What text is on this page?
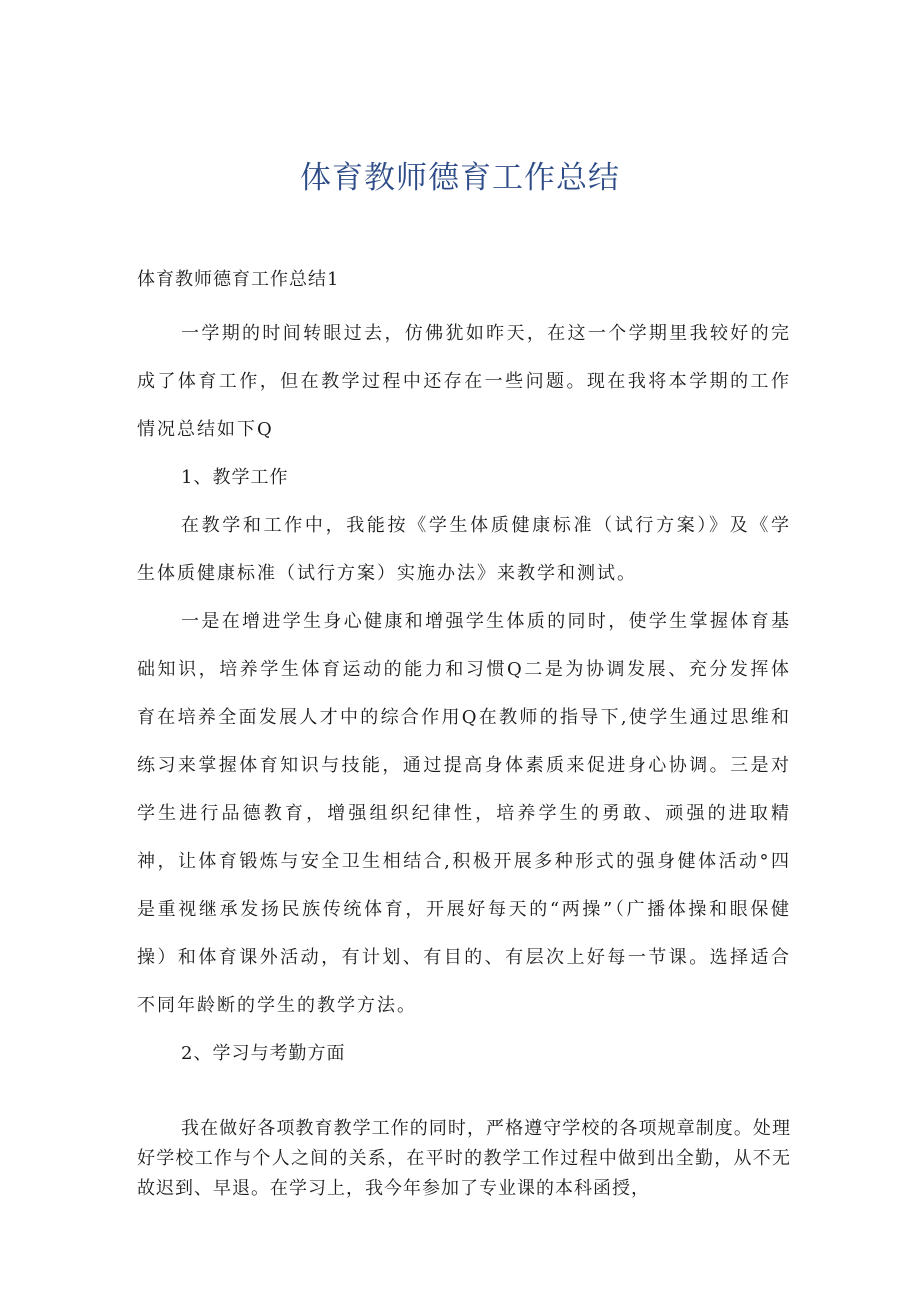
体育教师德育工作总结

体育教师德育工作总结1

一学期的时间转眼过去，仿佛犹如昨天，在这一个学期里我较好的完成了体育工作，但在教学过程中还存在一些问题。现在我将本学期的工作情况总结如下Q

1、教学工作

在教学和工作中，我能按《学生体质健康标准（试行方案）》及《学生体质健康标准（试行方案）实施办法》来教学和测试。

一是在增进学生身心健康和增强学生体质的同时，使学生掌握体育基础知识，培养学生体育运动的能力和习惯Q二是为协调发展、充分发挥体育在培养全面发展人才中的综合作用Q在教师的指导下,使学生通过思维和练习来掌握体育知识与技能，通过提高身体素质来促进身心协调。三是对学生进行品德教育，增强组织纪律性，培养学生的勇敢、顽强的进取精神，让体育锻炼与安全卫生相结合,积极开展多种形式的强身健体活动°四是重视继承发扬民族传统体育，开展好每天的“两操”（广播体操和眼保健操）和体育课外活动，有计划、有目的、有层次上好每一节课。选择适合不同年龄断的学生的教学方法。

2、学习与考勤方面

我在做好各项教育教学工作的同时，严格遵守学校的各项规章制度。处理好学校工作与个人之间的关系，在平时的教学工作过程中做到出全勤，从不无故迟到、早退。在学习上，我今年参加了专业课的本科函授，
